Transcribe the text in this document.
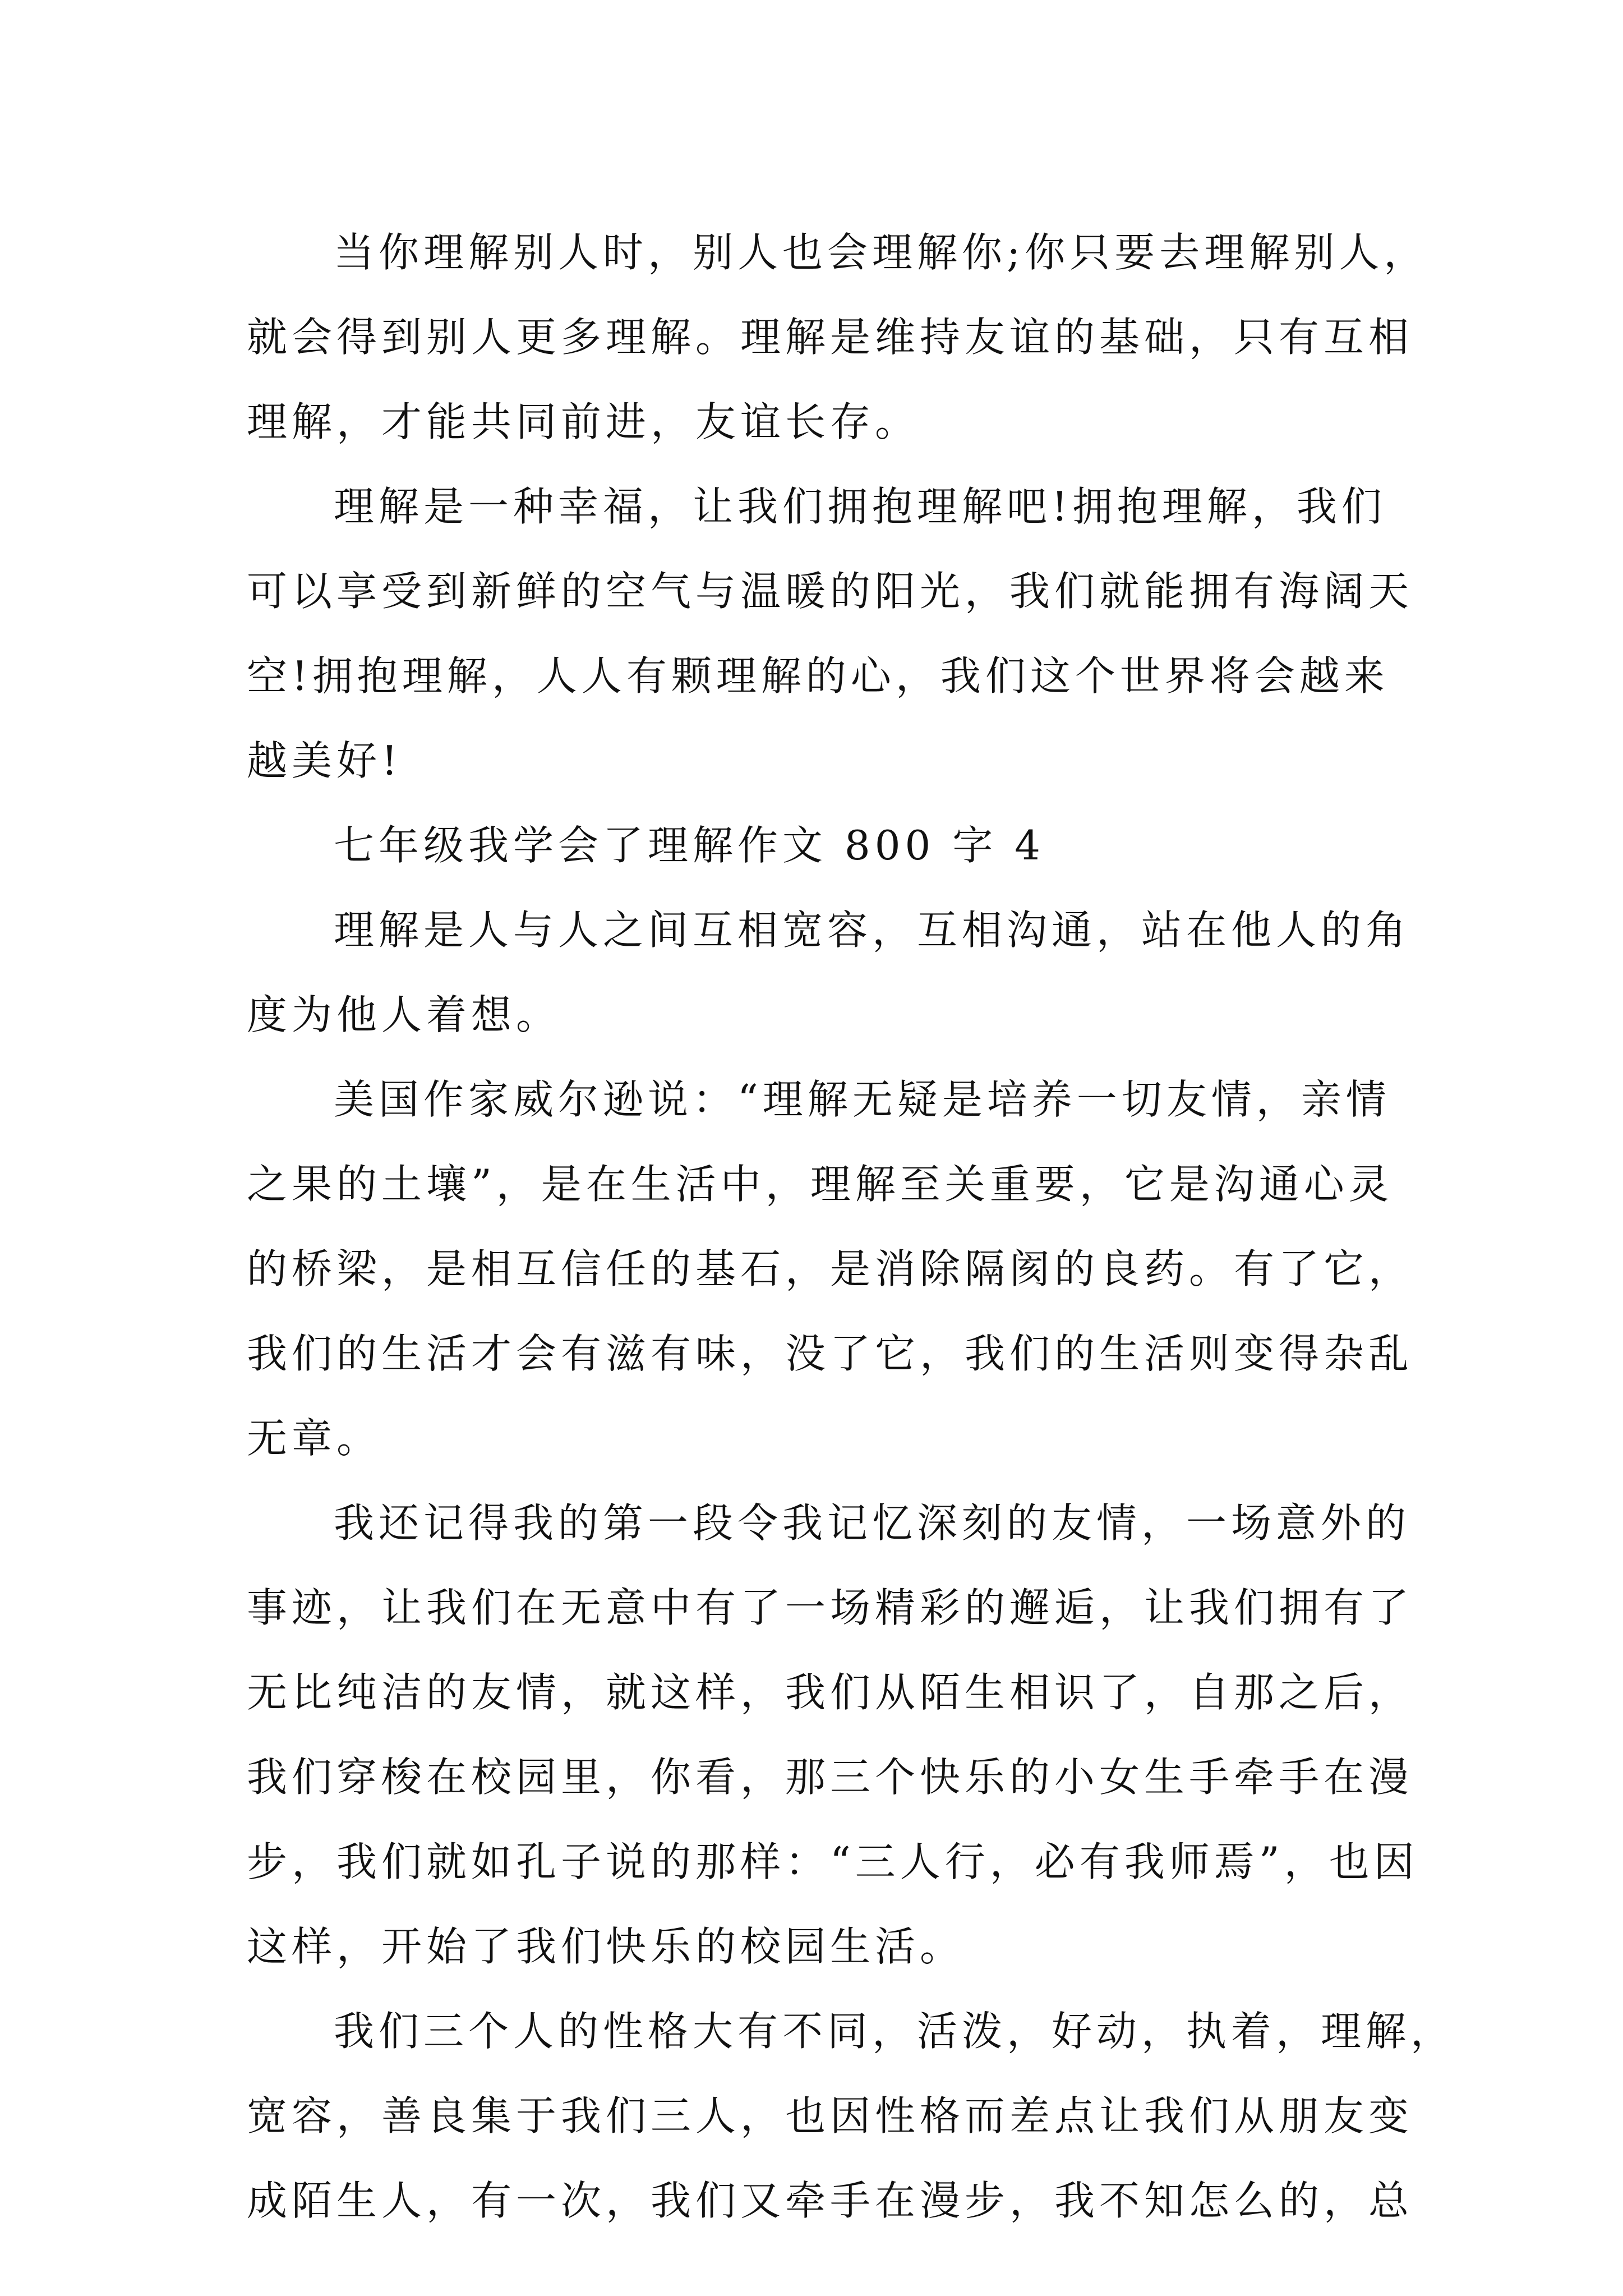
当你理解别人时，别人也会理解你;你只要去理解别人，
就会得到别人更多理解。理解是维持友谊的基础，只有互相
理解，才能共同前进，友谊长存。

理解是一种幸福，让我们拥抱理解吧!拥抱理解，我们
可以享受到新鲜的空气与温暖的阳光，我们就能拥有海阔天
空!拥抱理解，人人有颗理解的心，我们这个世界将会越来
越美好!

七年级我学会了理解作文 800 字 4

理解是人与人之间互相宽容，互相沟通，站在他人的角
度为他人着想。

美国作家威尔逊说：“理解无疑是培养一切友情，亲情
之果的土壤”，是在生活中，理解至关重要，它是沟通心灵
的桥梁，是相互信任的基石，是消除隔阂的良药。有了它，
我们的生活才会有滋有味，没了它，我们的生活则变得杂乱
无章。

我还记得我的第一段令我记忆深刻的友情，一场意外的
事迹，让我们在无意中有了一场精彩的邂逅，让我们拥有了
无比纯洁的友情，就这样，我们从陌生相识了，自那之后，
我们穿梭在校园里，你看，那三个快乐的小女生手牵手在漫
步，我们就如孔子说的那样：“三人行，必有我师焉”，也因
这样，开始了我们快乐的校园生活。

我们三个人的性格大有不同，活泼，好动，执着，理解，
宽容，善良集于我们三人，也因性格而差点让我们从朋友变
成陌生人，有一次，我们又牵手在漫步，我不知怎么的，总
